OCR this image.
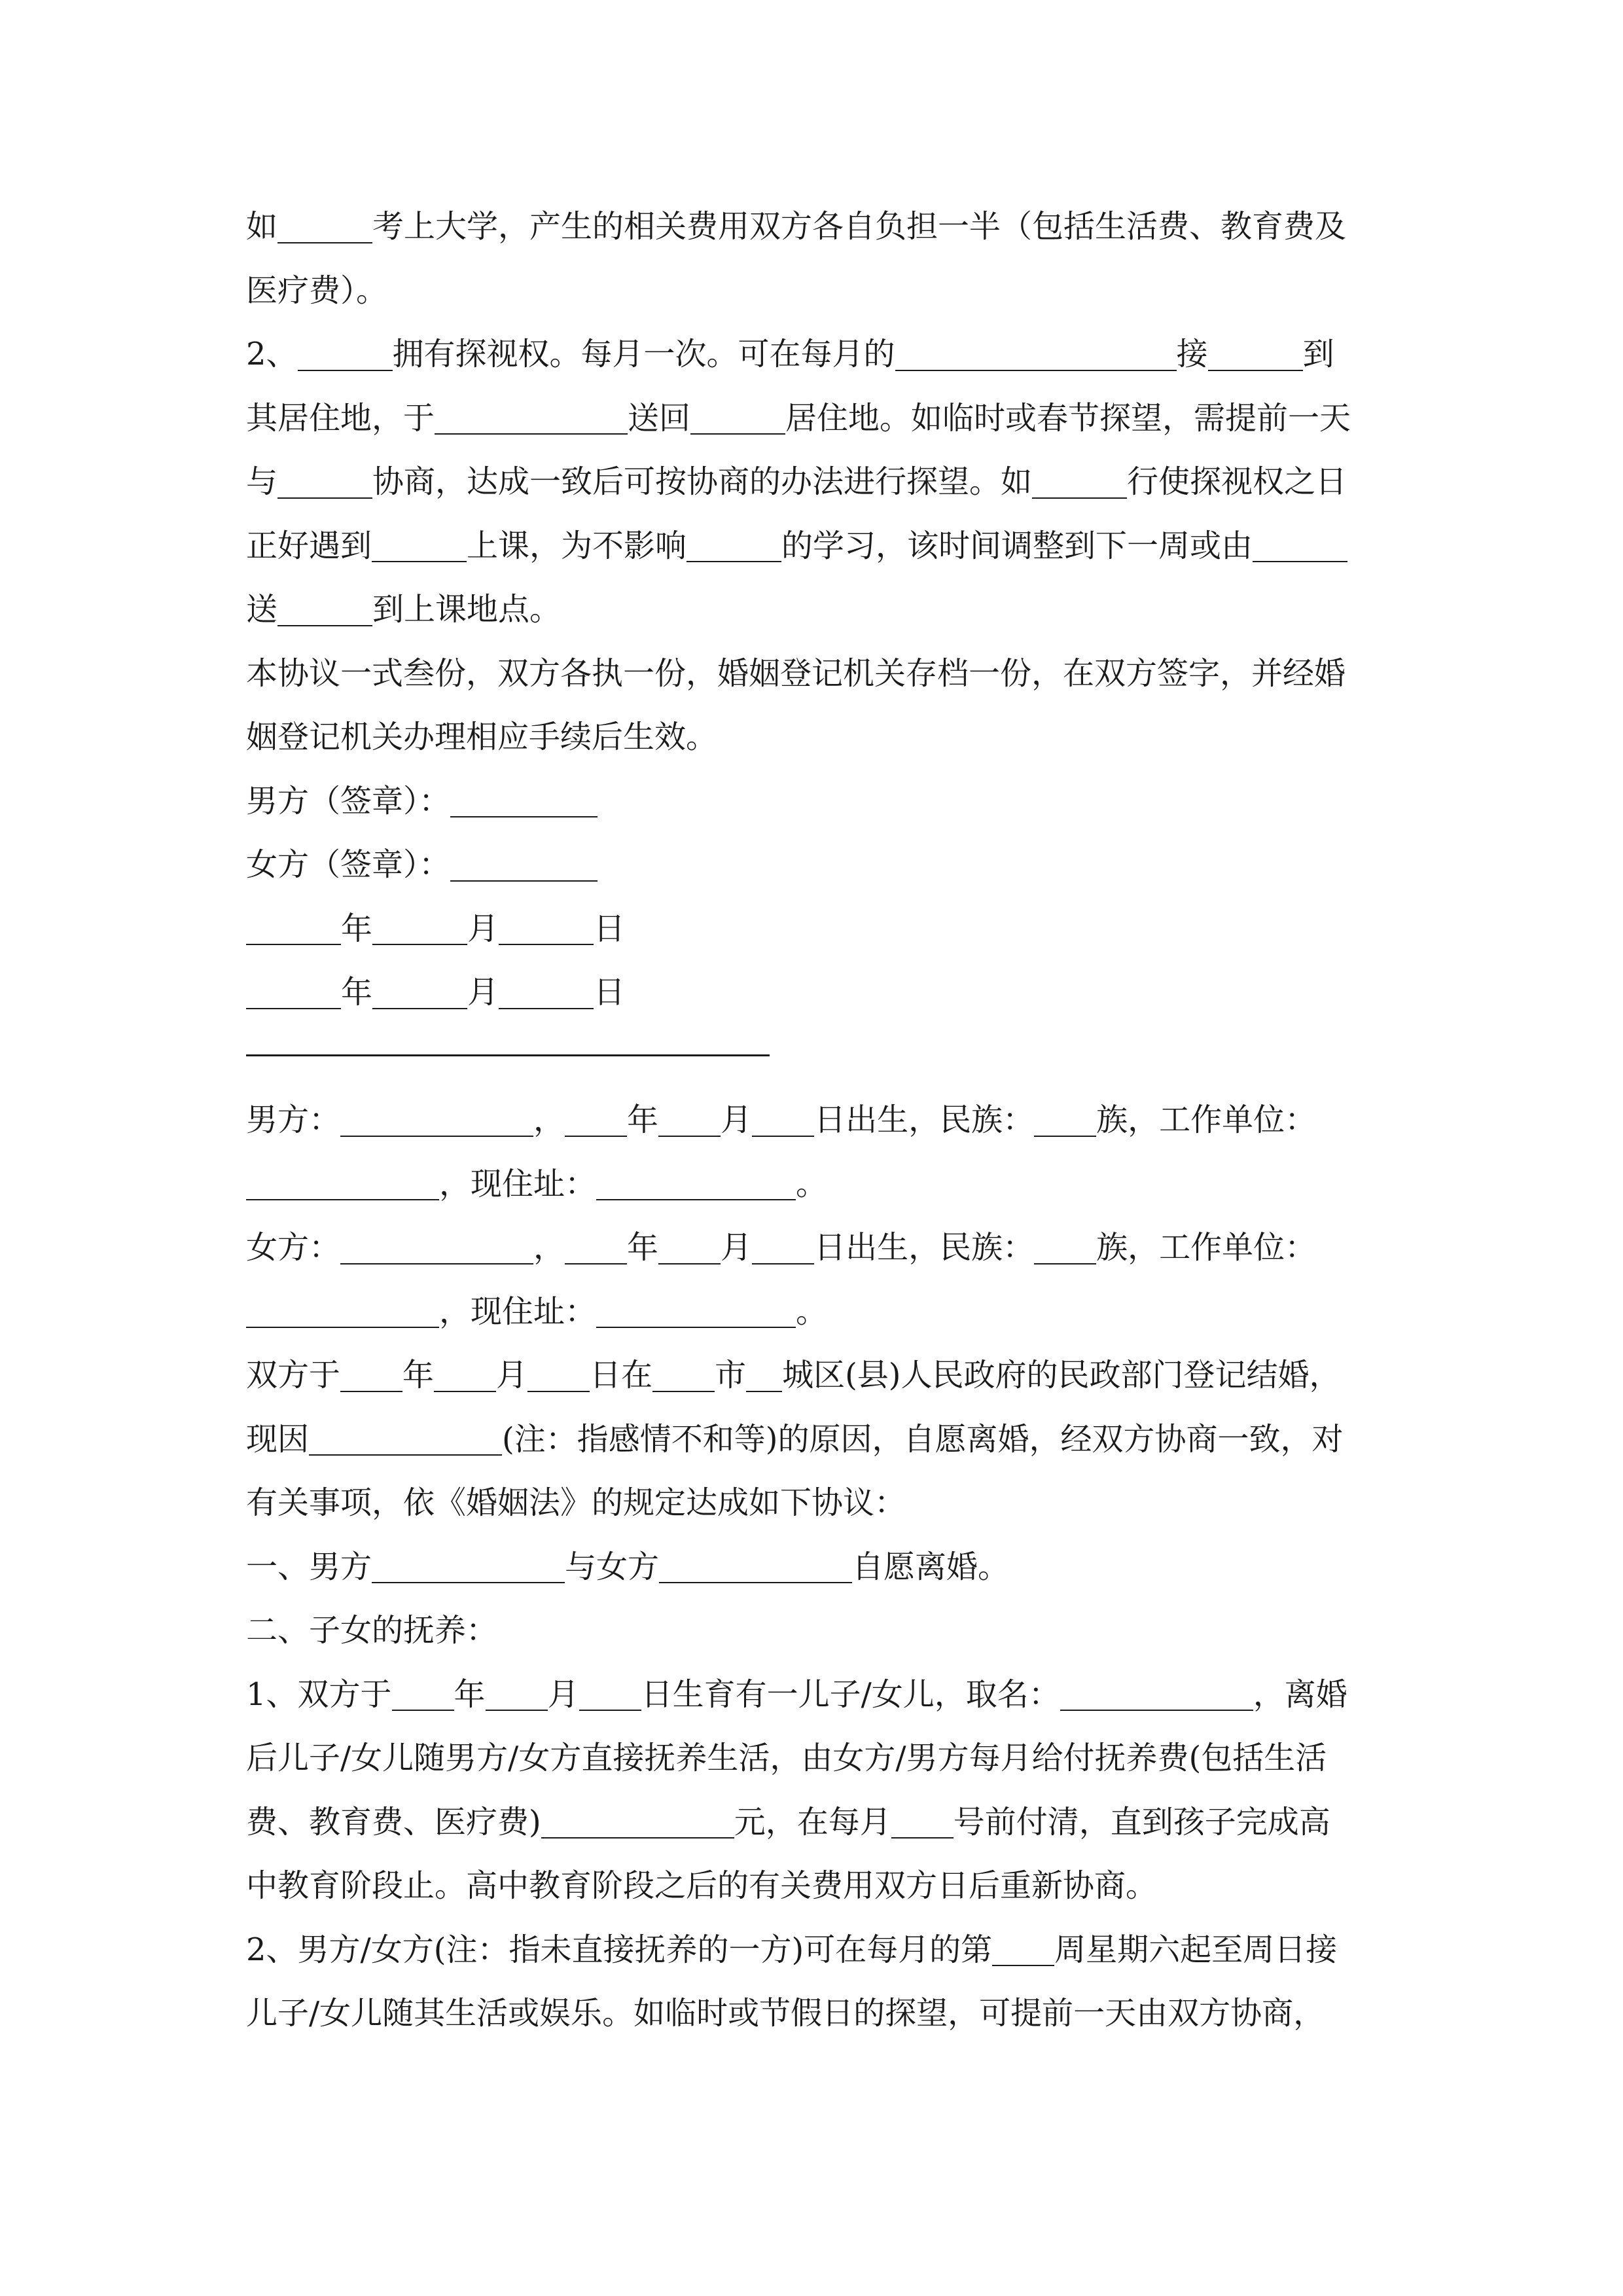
如	考上大学，产生的相关费用双方各自负担一半（包括生活费、教育费及
医疗费）。
2、	拥有探视权。每月一次。可在每月的	接	到
其居住地，于	送回	居住地。如临时或春节探望，需提前一天
与	协商，达成一致后可按协商的办法进行探望。如	行使探视权之日
正好遇到	上课，为不影响	的学习，该时间调整到下一周或由
送	到上课地点。
本协议一式叁份，双方各执一份，婚姻登记机关存档一份，在双方签字，并经婚
姻登记机关办理相应手续后生效。
男方（签章）：
女方（签章）：
年	月	日
年	月	日
男方：	， 年 月 日出生，民族： 族，工作单位：
，现住址：	。
女方：	， 年 月 日出生，民族： 族，工作单位：
，现住址：	。
双方于 年 月 日在 市 城区(县)人民政府的民政部门登记结婚，
现因	(注：指感情不和等)的原因，自愿离婚，经双方协商一致，对
有关事项，依《婚姻法》的规定达成如下协议：
一、男方	与女方	自愿离婚。
二、子女的抚养：
1、双方于 年 月 日生育有一儿子/女儿，取名：	，离婚
后儿子/女儿随男方/女方直接抚养生活，由女方/男方每月给付抚养费(包括生活
费、教育费、医疗费)	元，在每月 号前付清，直到孩子完成高
中教育阶段止。高中教育阶段之后的有关费用双方日后重新协商。
2、男方/女方(注：指未直接抚养的一方)可在每月的第 周星期六起至周日接
儿子/女儿随其生活或娱乐。如临时或节假日的探望，可提前一天由双方协商，
